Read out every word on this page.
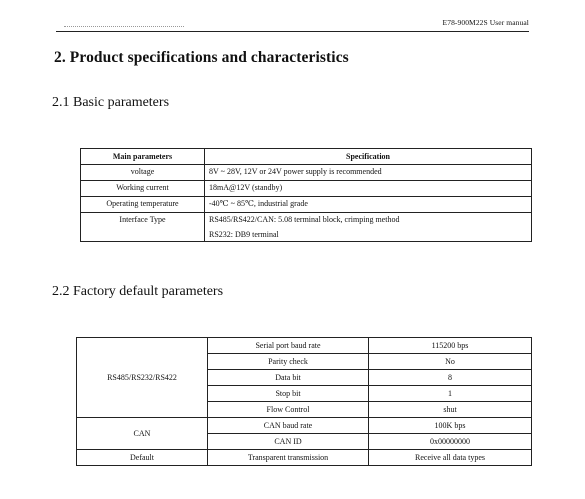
E78-900M22S User manual
2. Product specifications and characteristics
2.1 Basic parameters
Main parameters	Specification
voltage	8V ~ 28V, 12V or 24V power supply is recommended
Working current	18mA@12V (standby)
Operating temperature	-40℃ ~ 85℃, industrial grade
Interface Type	RS485/RS422/CAN: 5.08 terminal block, crimping method
RS232: DB9 terminal
2.2 Factory default parameters
RS485/RS232/RS422	Serial port baud rate	115200 bps
	Parity check	No
	Data bit	8
	Stop bit	1
	Flow Control	shut
CAN	CAN baud rate	100K bps
	CAN ID	0x00000000
Default	Transparent transmission	Receive all data types
